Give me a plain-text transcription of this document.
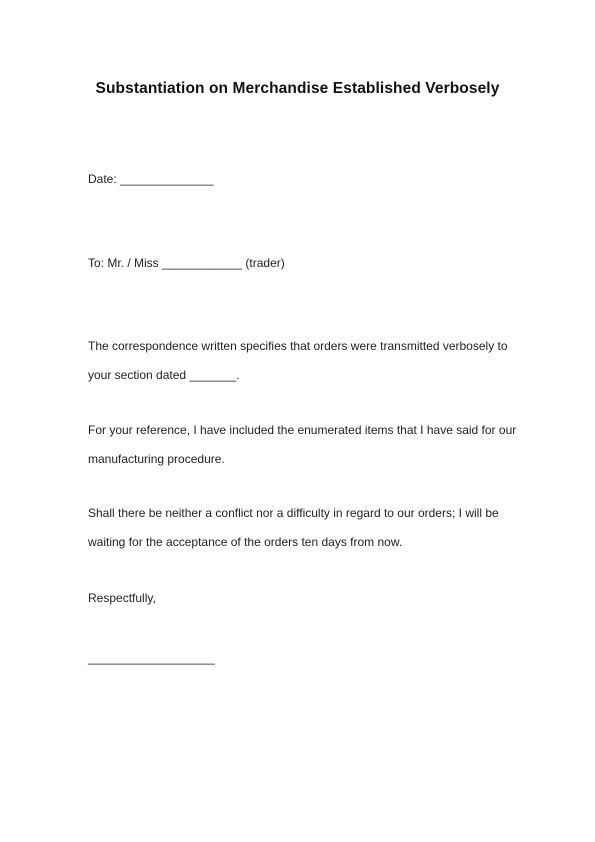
Substantiation on Merchandise Established Verbosely
Date: ______________
To: Mr. / Miss ____________ (trader)
The correspondence written specifies that orders were transmitted verbosely to
your section dated _______.
For your reference, I have included the enumerated items that I have said for our
manufacturing procedure.
Shall there be neither a conflict nor a difficulty in regard to our orders; I will be
waiting for the acceptance of the orders ten days from now.
Respectfully,
___________________
